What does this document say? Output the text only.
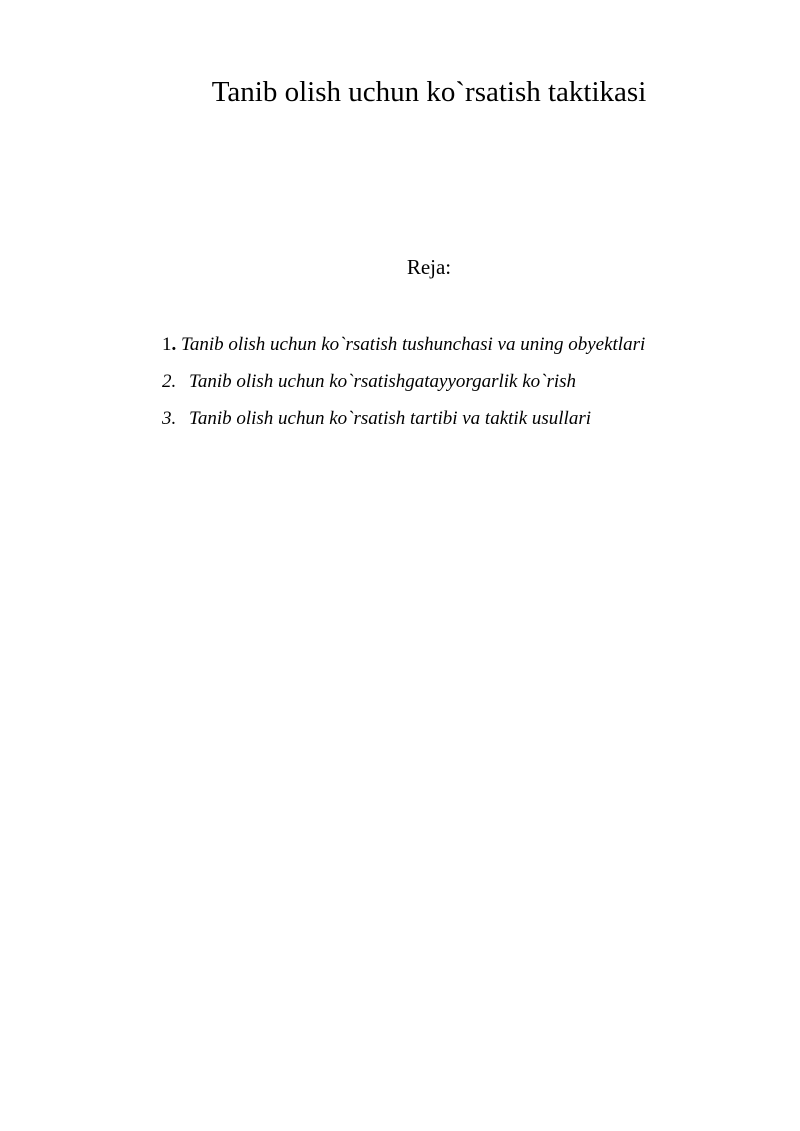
Tanib olish uchun ko`rsatish taktikasi

Reja:

1. Tanib olish uchun ko`rsatish tushunchasi va uning obyektlari
2. Tanib olish uchun ko`rsatishgatayyorgarlik ko`rish
3. Tanib olish uchun ko`rsatish tartibi va taktik usullari
